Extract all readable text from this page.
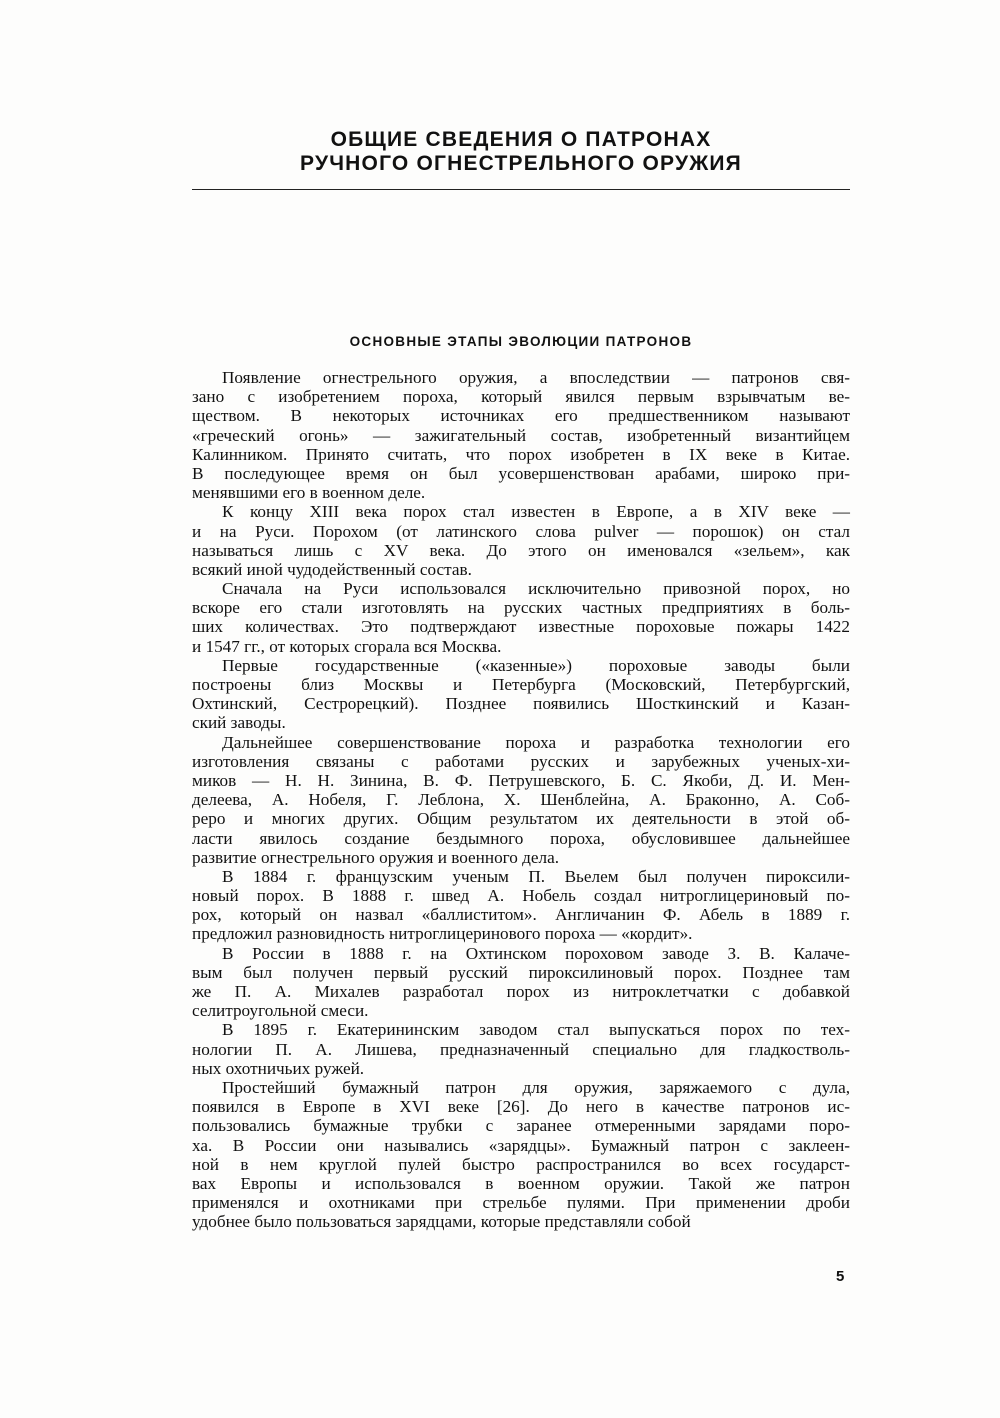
ОБЩИЕ СВЕДЕНИЯ О ПАТРОНАХ
РУЧНОГО ОГНЕСТРЕЛЬНОГО ОРУЖИЯ
ОСНОВНЫЕ ЭТАПЫ ЭВОЛЮЦИИ ПАТРОНОВ

Появление огнестрельного оружия, а впоследствии — патронов свя-
зано с изобретением пороха, который явился первым взрывчатым ве-
ществом. В некоторых источниках его предшественником называют
«греческий огонь» — зажигательный состав, изобретенный византийцем
Калинником. Принято считать, что порох изобретен в IX веке в Китае.
В последующее время он был усовершенствован арабами, широко при-
менявшими его в военном деле.

К концу XIII века порох стал известен в Европе, а в XIV веке —
и на Руси. Порохом (от латинского слова pulver — порошок) он стал
называться лишь с XV века. До этого он именовался «зельем», как
всякий иной чудодейственный состав.

Сначала на Руси использовался исключительно привозной порох, но
вскоре его стали изготовлять на русских частных предприятиях в боль-
ших количествах. Это подтверждают известные пороховые пожары 1422
и 1547 гг., от которых сгорала вся Москва.

Первые государственные («казенные») пороховые заводы были
построены близ Москвы и Петербурга (Московский, Петербургский,
Охтинский, Сестрорецкий). Позднее появились Шосткинский и Казан-
ский заводы.

Дальнейшее совершенствование пороха и разработка технологии его
изготовления связаны с работами русских и зарубежных ученых-хи-
миков — Н. Н. Зинина, В. Ф. Петрушевского, Б. С. Якоби, Д. И. Мен-
делеева, А. Нобеля, Г. Леблона, Х. Шенблейна, А. Браконно, А. Соб-
реро и многих других. Общим результатом их деятельности в этой об-
ласти явилось создание бездымного пороха, обусловившее дальнейшее
развитие огнестрельного оружия и военного дела.

В 1884 г. французским ученым П. Вьелем был получен пироксили-
новый порох. В 1888 г. швед А. Нобель создал нитроглицериновый по-
рох, который он назвал «баллиститом». Англичанин Ф. Абель в 1889 г.
предложил разновидность нитроглицеринового пороха — «кордит».

В России в 1888 г. на Охтинском пороховом заводе З. В. Калаче-
вым был получен первый русский пироксилиновый порох. Позднее там
же П. А. Михалев разработал порох из нитроклетчатки с добавкой
селитроугольной смеси.

В 1895 г. Екатерининским заводом стал выпускаться порох по тех-
нологии П. А. Лишева, предназначенный специально для гладкостволь-
ных охотничьих ружей.

Простейший бумажный патрон для оружия, заряжаемого с дула,
появился в Европе в XVI веке [26]. До него в качестве патронов ис-
пользовались бумажные трубки с заранее отмеренными зарядами поро-
ха. В России они назывались «зарядцы». Бумажный патрон с заклеен-
ной в нем круглой пулей быстро распространился во всех государст-
вах Европы и использовался в военном оружии. Такой же патрон
применялся и охотниками при стрельбе пулями. При применении дроби
удобнее было пользоваться зарядцами, которые представляли собой

5
